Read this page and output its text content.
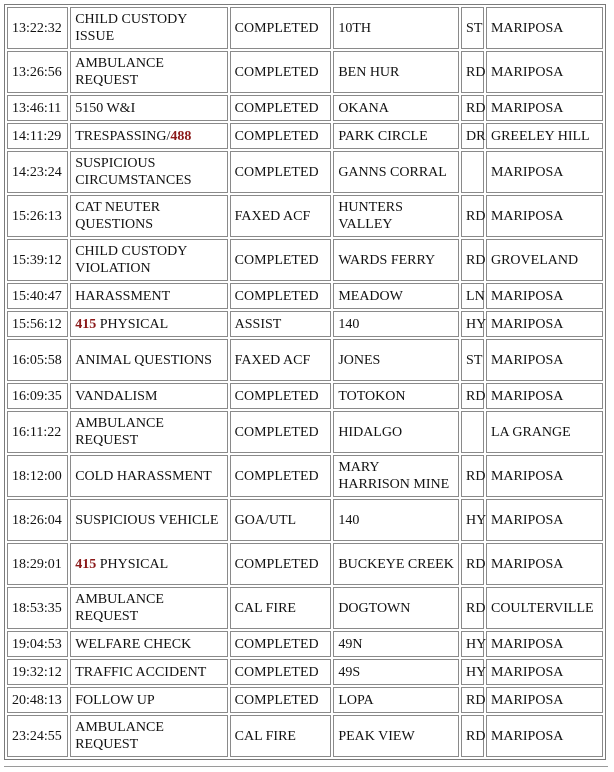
13:22:32	CHILD CUSTODY ISSUE	COMPLETED	10TH	ST	MARIPOSA
13:26:56	AMBULANCE REQUEST	COMPLETED	BEN HUR	RD	MARIPOSA
13:46:11	5150 W&I	COMPLETED	OKANA	RD	MARIPOSA
14:11:29	TRESPASSING/488	COMPLETED	PARK CIRCLE	DR	GREELEY HILL
14:23:24	SUSPICIOUS CIRCUMSTANCES	COMPLETED	GANNS CORRAL		MARIPOSA
15:26:13	CAT NEUTER QUESTIONS	FAXED ACF	HUNTERS VALLEY	RD	MARIPOSA
15:39:12	CHILD CUSTODY VIOLATION	COMPLETED	WARDS FERRY	RD	GROVELAND
15:40:47	HARASSMENT	COMPLETED	MEADOW	LN	MARIPOSA
15:56:12	415 PHYSICAL	ASSIST	140	HY	MARIPOSA
16:05:58	ANIMAL QUESTIONS	FAXED ACF	JONES	ST	MARIPOSA
16:09:35	VANDALISM	COMPLETED	TOTOKON	RD	MARIPOSA
16:11:22	AMBULANCE REQUEST	COMPLETED	HIDALGO		LA GRANGE
18:12:00	COLD HARASSMENT	COMPLETED	MARY HARRISON MINE	RD	MARIPOSA
18:26:04	SUSPICIOUS VEHICLE	GOA/UTL	140	HY	MARIPOSA
18:29:01	415 PHYSICAL	COMPLETED	BUCKEYE CREEK	RD	MARIPOSA
18:53:35	AMBULANCE REQUEST	CAL FIRE	DOGTOWN	RD	COULTERVILLE
19:04:53	WELFARE CHECK	COMPLETED	49N	HY	MARIPOSA
19:32:12	TRAFFIC ACCIDENT	COMPLETED	49S	HY	MARIPOSA
20:48:13	FOLLOW UP	COMPLETED	LOPA	RD	MARIPOSA
23:24:55	AMBULANCE REQUEST	CAL FIRE	PEAK VIEW	RD	MARIPOSA
